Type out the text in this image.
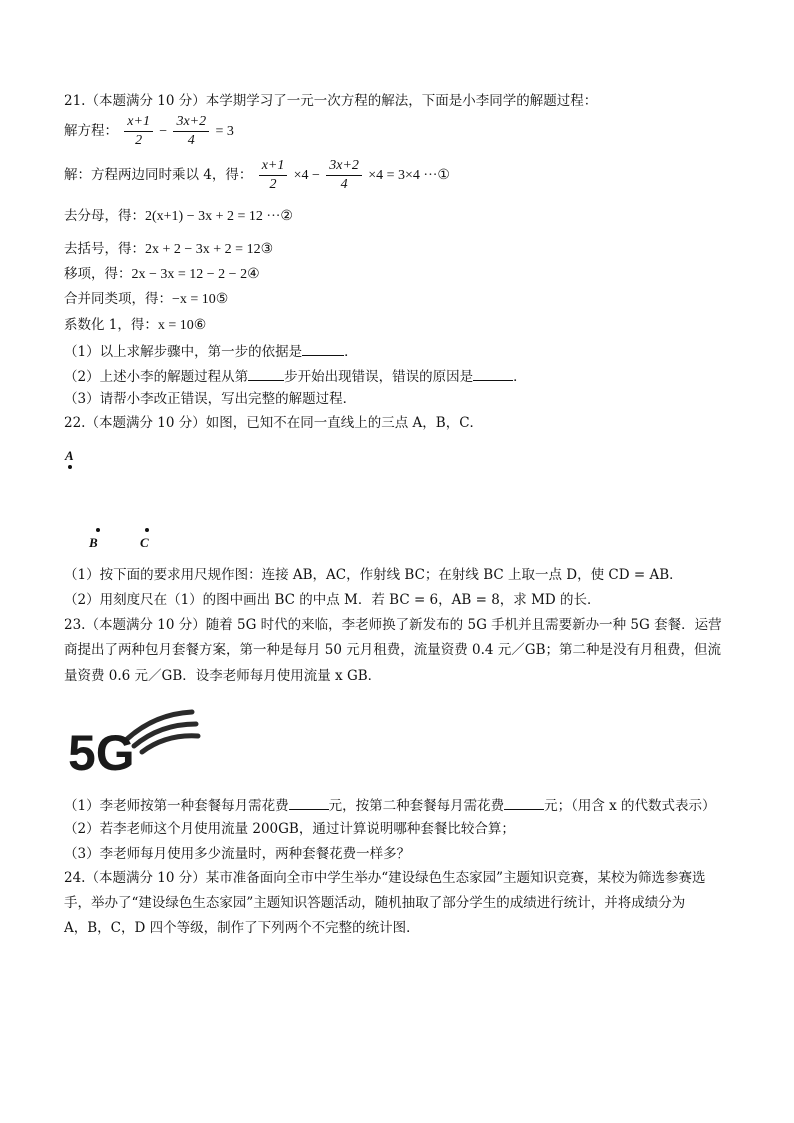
21.（本题满分 10 分）本学期学习了一元一次方程的解法，下面是小李同学的解题过程：
解方程： $\frac{x+1}{2} - \frac{3x+2}{4} = 3$
解：方程两边同时乘以 4，得： $\frac{x+1}{2} \times 4 - \frac{3x+2}{4} \times 4 = 3\times 4$ ···①
去分母，得：2(x+1) − 3x + 2 = 12 ···②
去括号，得：2x + 2 − 3x + 2 = 12③
移项，得：2x − 3x = 12 − 2 − 2④
合并同类项，得：−x = 10⑤
系数化 1，得：x = 10⑥
（1）以上求解步骤中，第一步的依据是	．
（2）上述小李的解题过程从第	步开始出现错误，错误的原因是	．
（3）请帮小李改正错误，写出完整的解题过程．
22.（本题满分 10 分）如图，已知不在同一直线上的三点 A，B，C．
A
B	C
（1）按下面的要求用尺规作图：连接 AB，AC，作射线 BC；在射线 BC 上取一点 D，使 CD = AB．
（2）用刻度尺在（1）的图中画出 BC 的中点 M．若 BC = 6，AB = 8，求 MD 的长．
23.（本题满分 10 分）随着 5G 时代的来临，李老师换了新发布的 5G 手机并且需要新办一种 5G 套餐．运营
商提出了两种包月套餐方案，第一种是每月 50 元月租费，流量资费 0.4 元／GB；第二种是没有月租费，但流
量资费 0.6 元／GB．设李老师每月使用流量 x GB．
5G
（1）李老师按第一种套餐每月需花费	元，按第二种套餐每月需花费	元；（用含 x 的代数式表示）
（2）若李老师这个月使用流量 200GB，通过计算说明哪种套餐比较合算；
（3）李老师每月使用多少流量时，两种套餐花费一样多？
24.（本题满分 10 分）某市准备面向全市中学生举办“建设绿色生态家园”主题知识竞赛，某校为筛选参赛选
手，举办了“建设绿色生态家园”主题知识答题活动，随机抽取了部分学生的成绩进行统计，并将成绩分为
A，B，C，D 四个等级，制作了下列两个不完整的统计图．
